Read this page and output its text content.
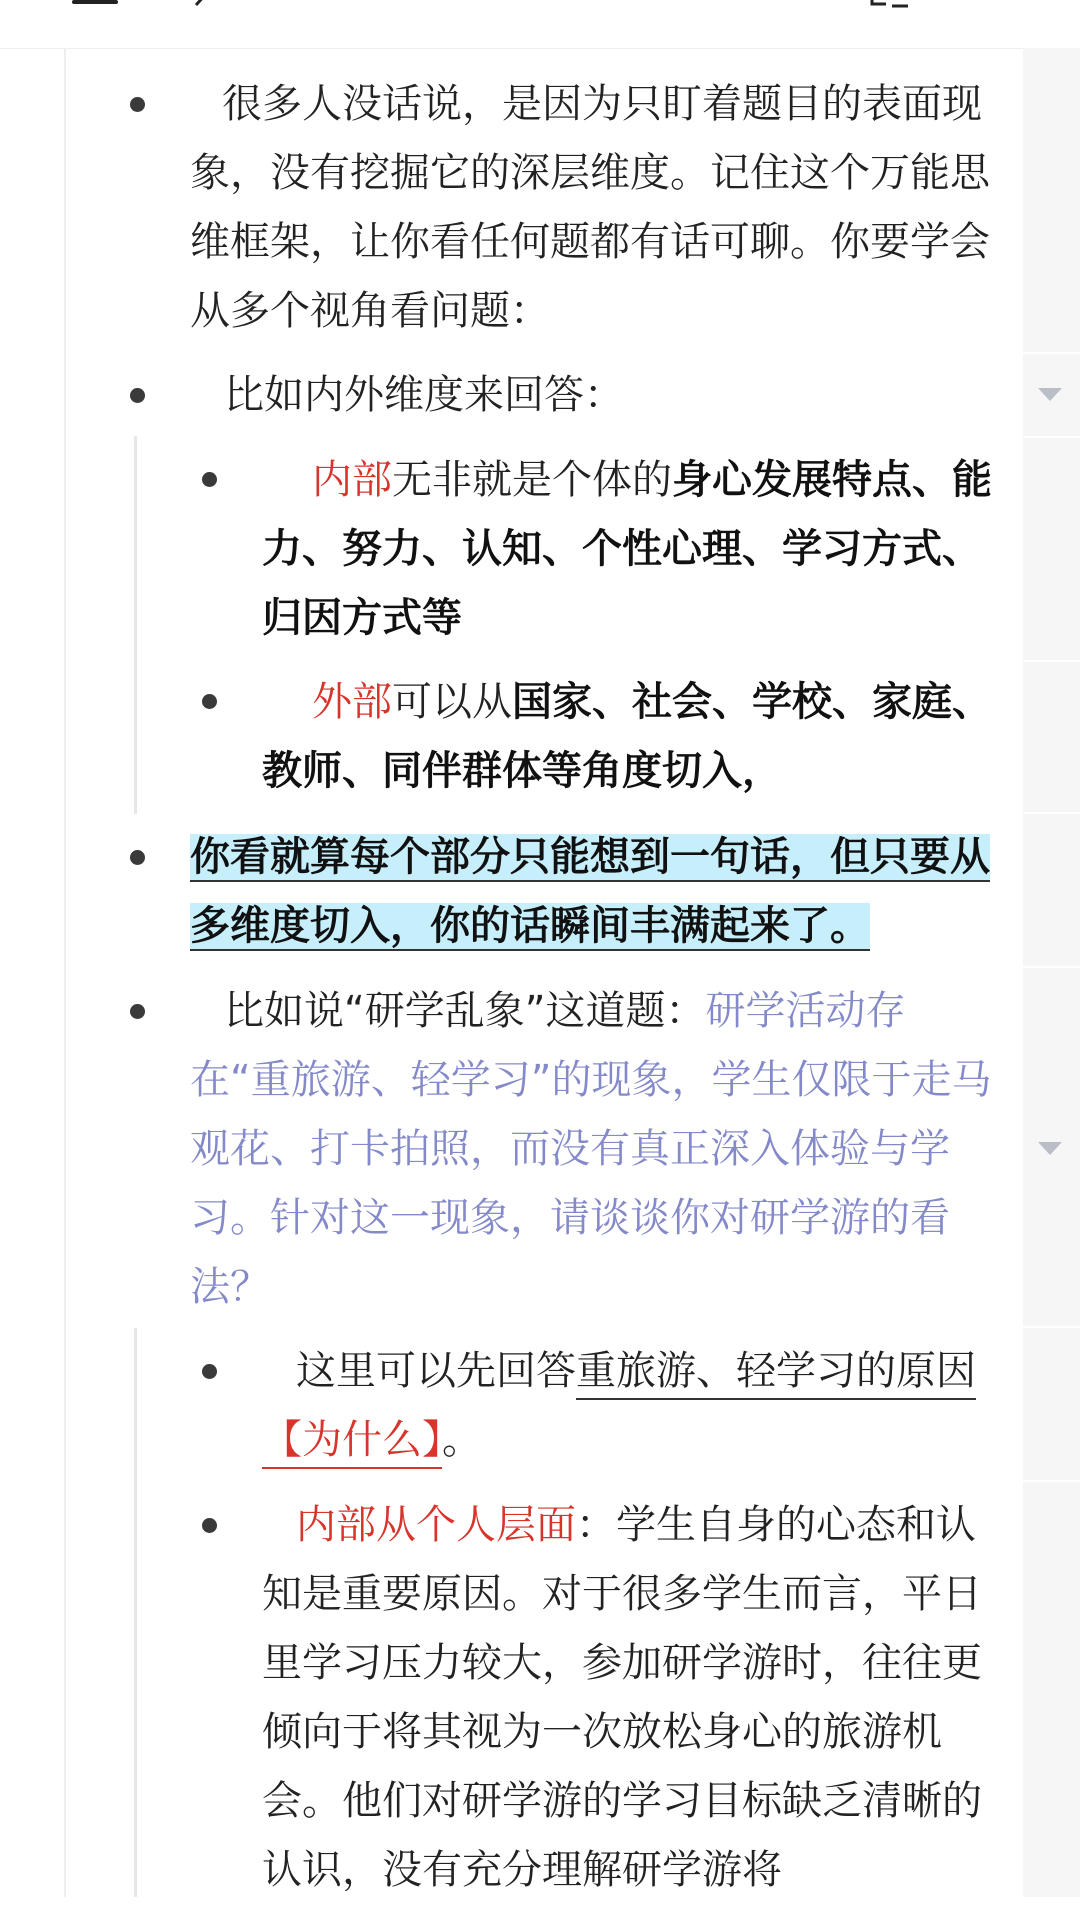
很多人没话说，是因为只盯着题目的表面现象，没有挖掘它的深层维度。记住这个万能思维框架，让你看任何题都有话可聊。你要学会从多个视角看问题：
比如内外维度来回答：
内部无非就是个体的身心发展特点、能力、努力、认知、个性心理、学习方式、归因方式等
外部可以从国家、社会、学校、家庭、教师、同伴群体等角度切入，
你看就算每个部分只能想到一句话，但只要从多维度切入，你的话瞬间丰满起来了。
比如说“研学乱象”这道题：研学活动存在“重旅游、轻学习”的现象，学生仅限于走马观花、打卡拍照，而没有真正深入体验与学习。针对这一现象，请谈谈你对研学游的看法？
这里可以先回答重旅游、轻学习的原因【为什么】。
内部从个人层面：学生自身的心态和认知是重要原因。对于很多学生而言，平日里学习压力较大，参加研学游时，往往更倾向于将其视为一次放松身心的旅游机会。他们对研学游的学习目标缺乏清晰的认识，没有充分理解研学游将
